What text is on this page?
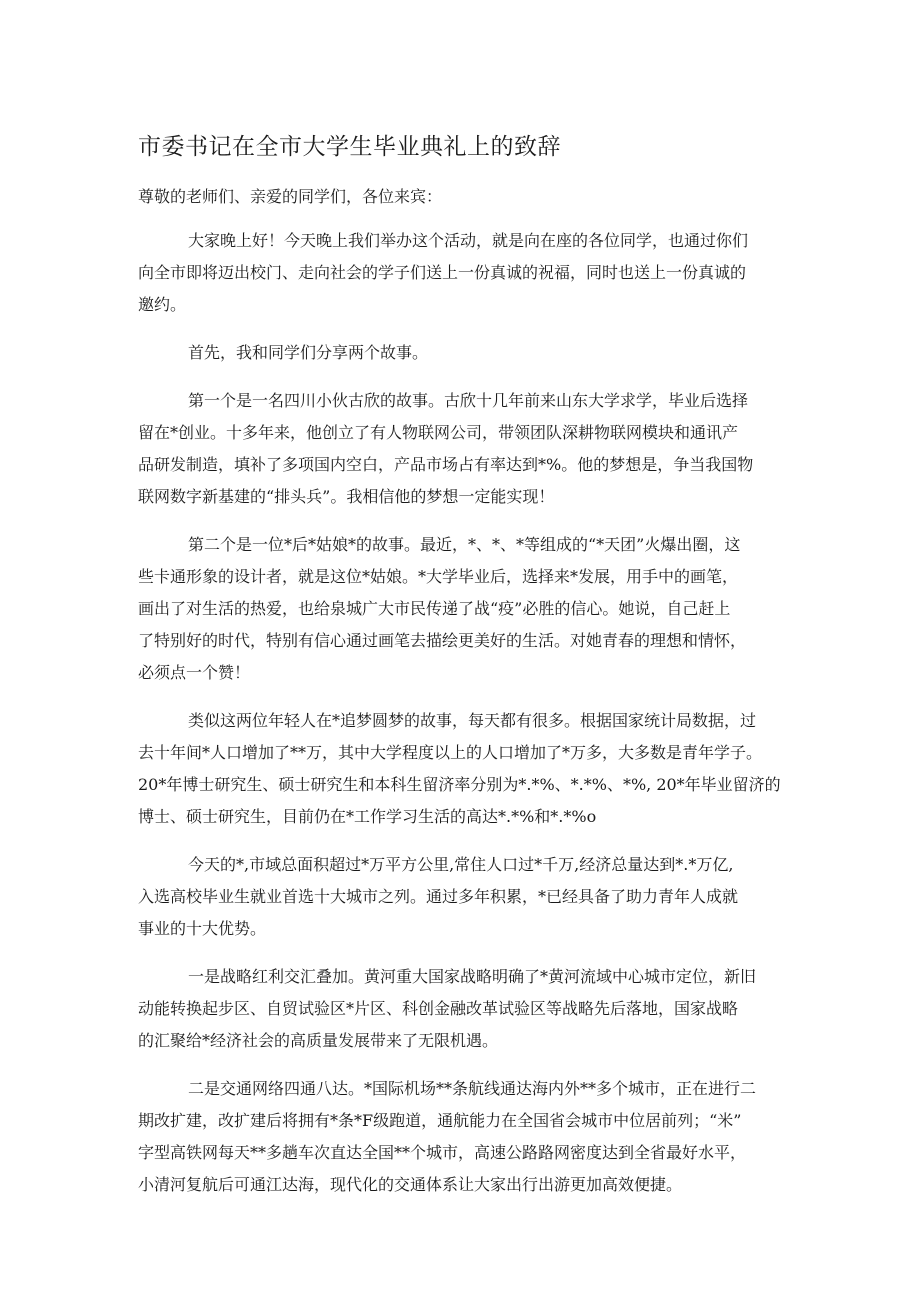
市委书记在全市大学生毕业典礼上的致辞
尊敬的老师们、亲爱的同学们，各位来宾：

大家晚上好！今天晚上我们举办这个活动，就是向在座的各位同学，也通过你们
向全市即将迈出校门、走向社会的学子们送上一份真诚的祝福，同时也送上一份真诚的
邀约。

首先，我和同学们分享两个故事。

第一个是一名四川小伙古欣的故事。古欣十几年前来山东大学求学，毕业后选择
留在*创业。十多年来，他创立了有人物联网公司，带领团队深耕物联网模块和通讯产
品研发制造，填补了多项国内空白，产品市场占有率达到*%。他的梦想是，争当我国物
联网数字新基建的“排头兵”。我相信他的梦想一定能实现！

第二个是一位*后*姑娘*的故事。最近，*、*、*等组成的“*天团”火爆出圈，这
些卡通形象的设计者，就是这位*姑娘。*大学毕业后，选择来*发展，用手中的画笔，
画出了对生活的热爱，也给泉城广大市民传递了战“疫”必胜的信心。她说，自己赶上
了特别好的时代，特别有信心通过画笔去描绘更美好的生活。对她青春的理想和情怀，
必须点一个赞！

类似这两位年轻人在*追梦圆梦的故事，每天都有很多。根据国家统计局数据，过
去十年间*人口增加了**万，其中大学程度以上的人口增加了*万多，大多数是青年学子。
20*年博士研究生、硕士研究生和本科生留济率分别为*.*%、*.*%、*%, 20*年毕业留济的
博士、硕士研究生，目前仍在*工作学习生活的高达*.*%和*.*%o

今天的*,市域总面积超过*万平方公里,常住人口过*千万,经济总量达到*.*万亿,
入选高校毕业生就业首选十大城市之列。通过多年积累，*已经具备了助力青年人成就
事业的十大优势。

一是战略红利交汇叠加。黄河重大国家战略明确了*黄河流域中心城市定位，新旧
动能转换起步区、自贸试验区*片区、科创金融改革试验区等战略先后落地，国家战略
的汇聚给*经济社会的高质量发展带来了无限机遇。

二是交通网络四通八达。*国际机场**条航线通达海内外**多个城市，正在进行二
期改扩建，改扩建后将拥有*条*F级跑道，通航能力在全国省会城市中位居前列；“米”
字型高铁网每天**多趟车次直达全国**个城市，高速公路路网密度达到全省最好水平，
小清河复航后可通江达海，现代化的交通体系让大家出行出游更加高效便捷。
